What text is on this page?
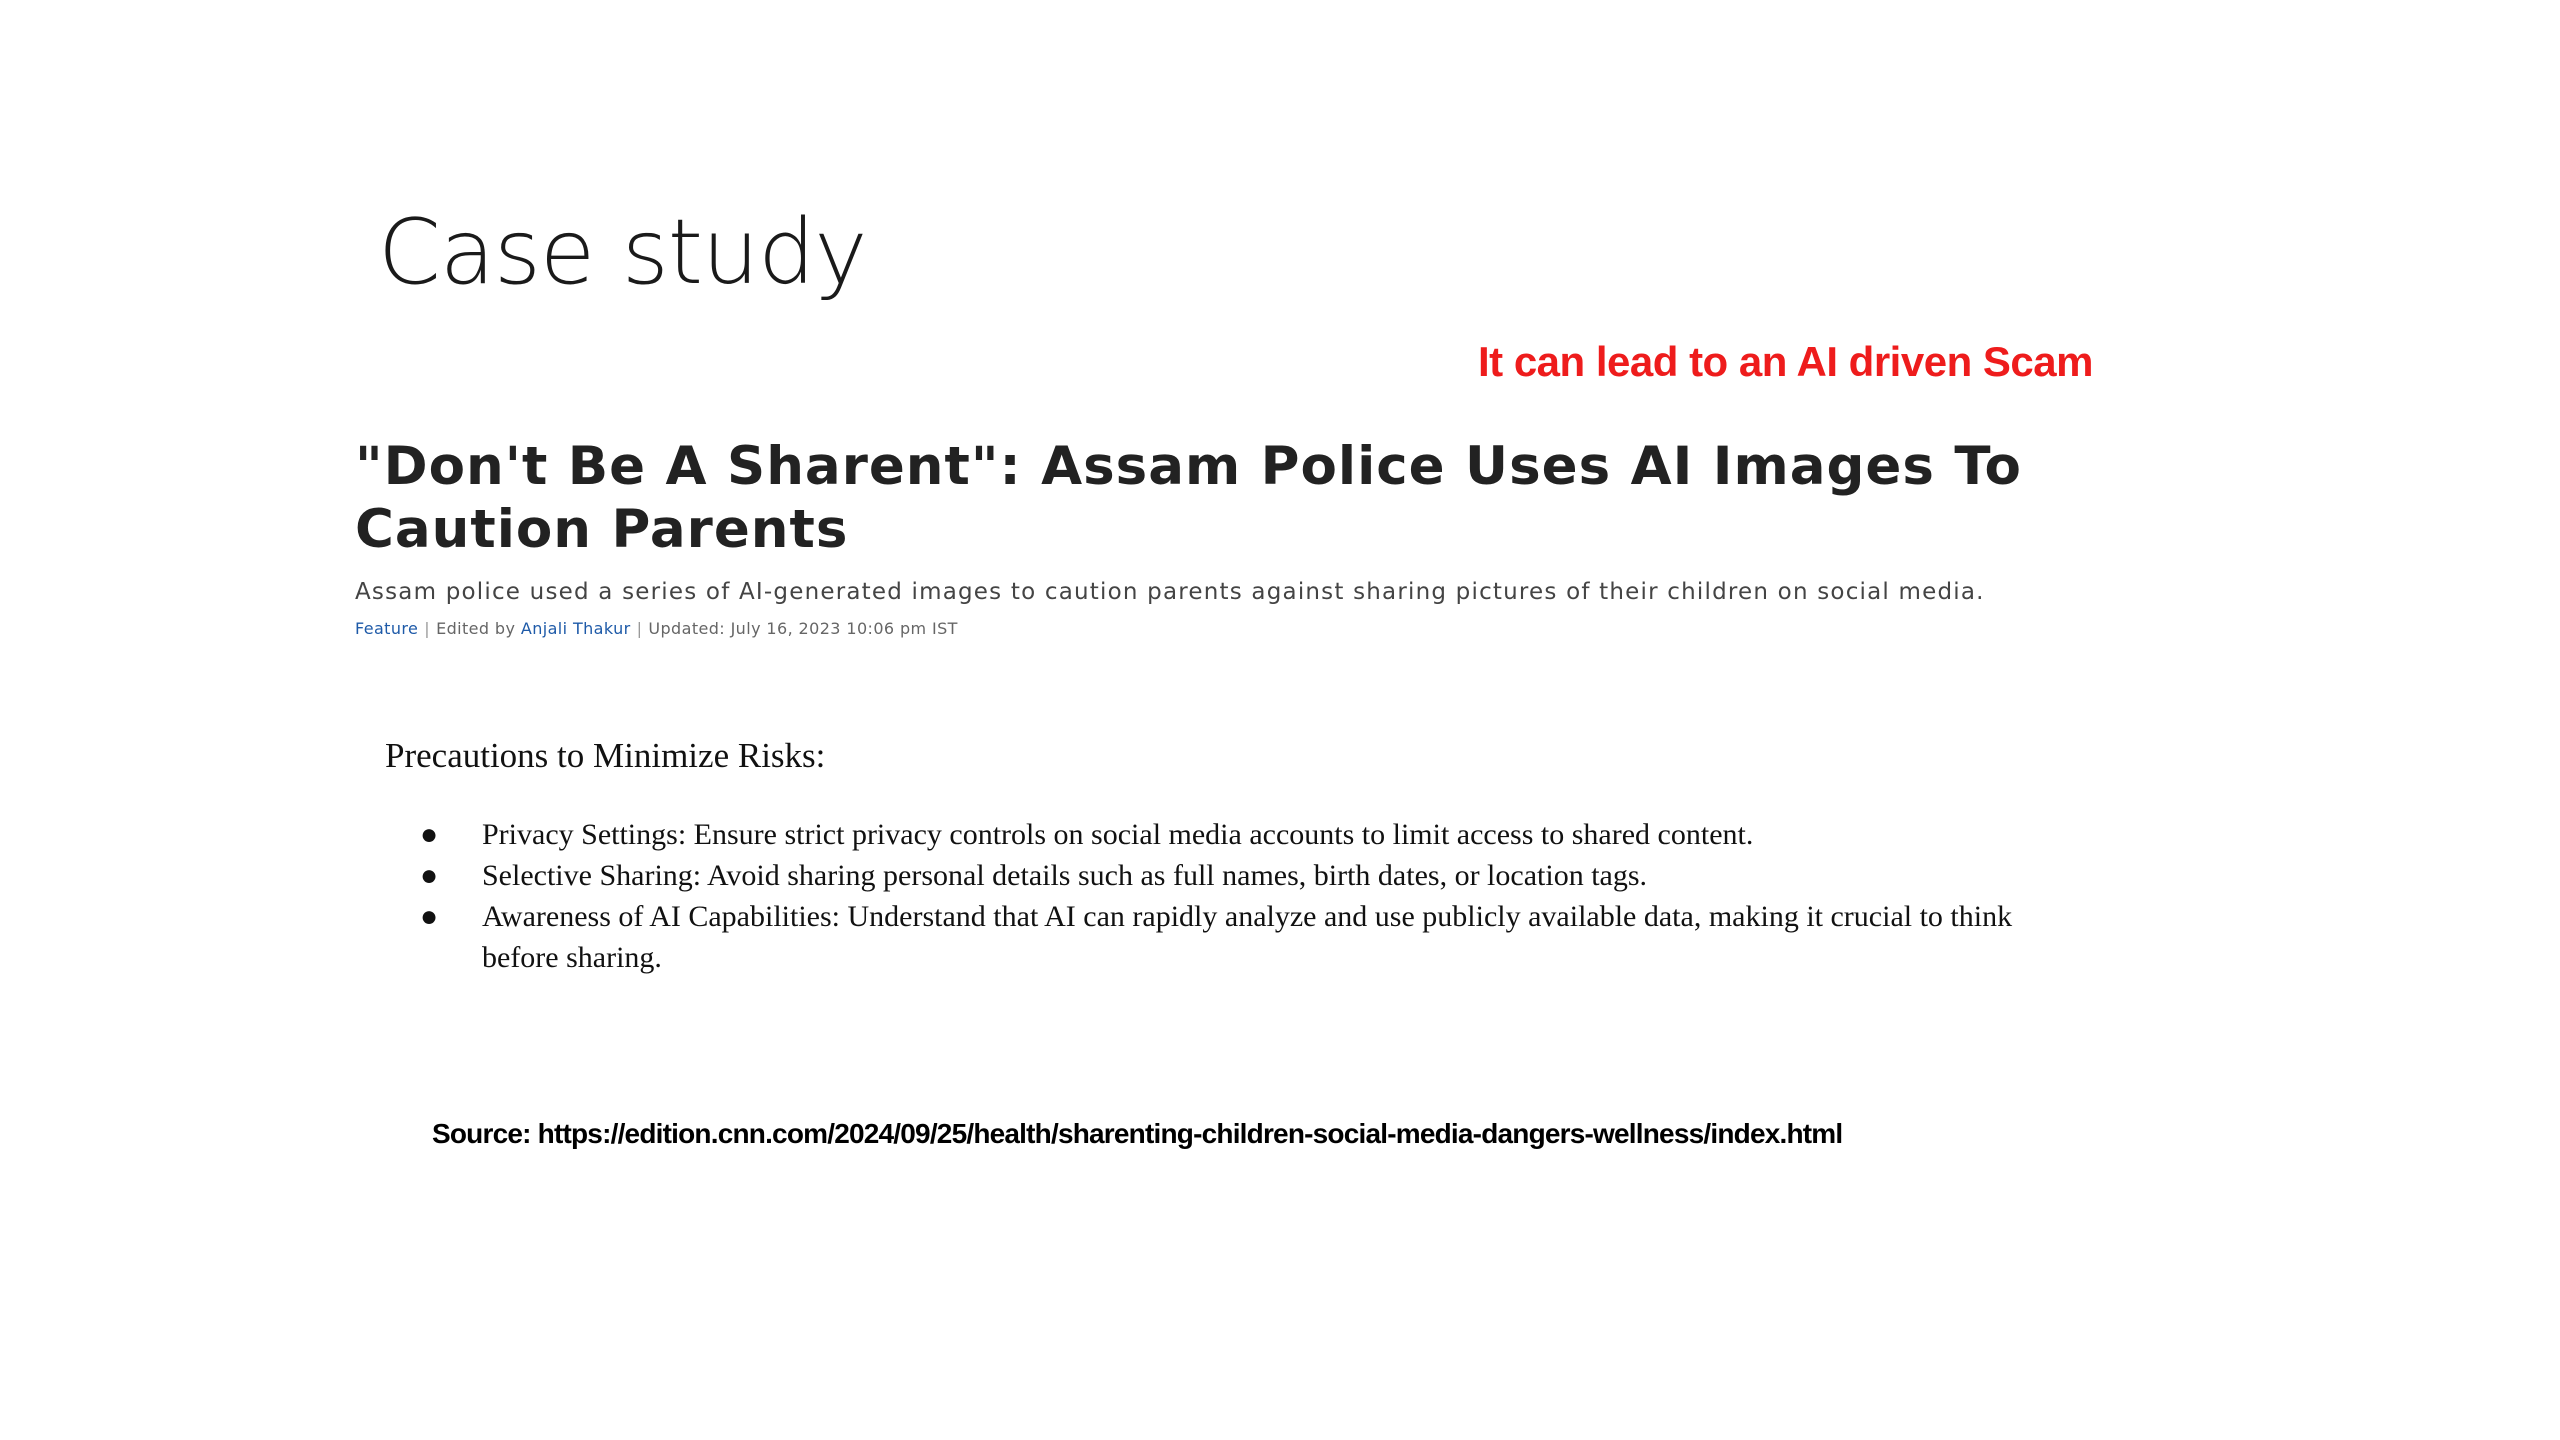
Case study
It can lead to an AI driven Scam
"Don't Be A Sharent": Assam Police Uses AI Images To Caution Parents
Assam police used a series of AI-generated images to caution parents against sharing pictures of their children on social media.
Feature | Edited by Anjali Thakur | Updated: July 16, 2023 10:06 pm IST
Precautions to Minimize Risks:
● Privacy Settings: Ensure strict privacy controls on social media accounts to limit access to shared content.
● Selective Sharing: Avoid sharing personal details such as full names, birth dates, or location tags.
● Awareness of AI Capabilities: Understand that AI can rapidly analyze and use publicly available data, making it crucial to think before sharing.
Source: https://edition.cnn.com/2024/09/25/health/sharenting-children-social-media-dangers-wellness/index.html
